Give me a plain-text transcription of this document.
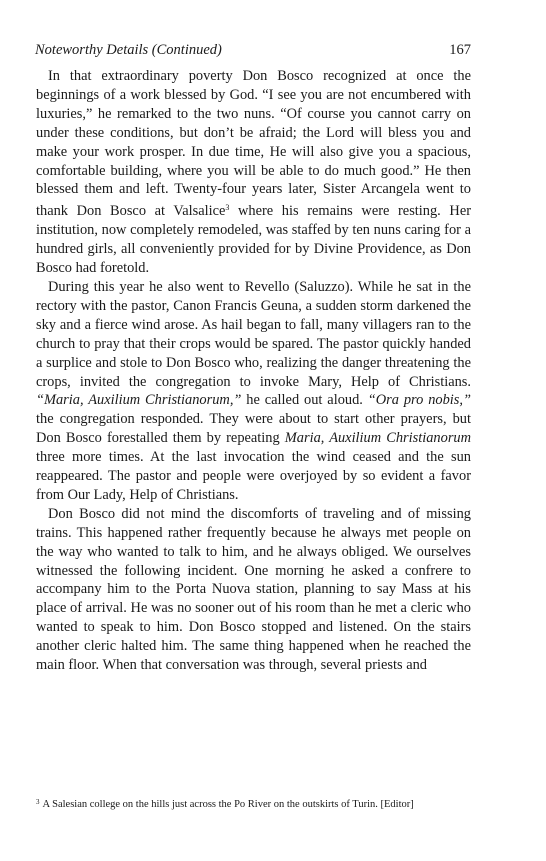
Noteworthy Details (Continued)	167

In that extraordinary poverty Don Bosco recognized at once the beginnings of a work blessed by God. “I see you are not encumbered with luxuries,” he remarked to the two nuns. “Of course you cannot carry on under these conditions, but don’t be afraid; the Lord will bless you and make your work prosper. In due time, He will also give you a spacious, comfortable building, where you will be able to do much good.” He then blessed them and left. Twenty-four years later, Sister Arcangela went to thank Don Bosco at Valsalice$^3$ where his remains were resting. Her institution, now completely remodeled, was staffed by ten nuns caring for a hundred girls, all conveniently provided for by Divine Providence, as Don Bosco had foretold.

During this year he also went to Revello (Saluzzo). While he sat in the rectory with the pastor, Canon Francis Geuna, a sudden storm darkened the sky and a fierce wind arose. As hail began to fall, many villagers ran to the church to pray that their crops would be spared. The pastor quickly handed a surplice and stole to Don Bosco who, realizing the danger threatening the crops, invited the congregation to invoke Mary, Help of Christians. “Maria, Auxilium Christianorum,” he called out aloud. “Ora pro nobis,” the congregation responded. They were about to start other prayers, but Don Bosco forestalled them by repeating Maria, Auxilium Christianorum three more times. At the last invocation the wind ceased and the sun reappeared. The pastor and people were overjoyed by so evident a favor from Our Lady, Help of Christians.

Don Bosco did not mind the discomforts of traveling and of missing trains. This happened rather frequently because he always met people on the way who wanted to talk to him, and he always obliged. We ourselves witnessed the following incident. One morning he asked a confrere to accompany him to the Porta Nuova station, planning to say Mass at his place of arrival. He was no sooner out of his room than he met a cleric who wanted to speak to him. Don Bosco stopped and listened. On the stairs another cleric halted him. The same thing happened when he reached the main floor. When that conversation was through, several priests and

$^3$ A Salesian college on the hills just across the Po River on the outskirts of Turin. [Editor]
